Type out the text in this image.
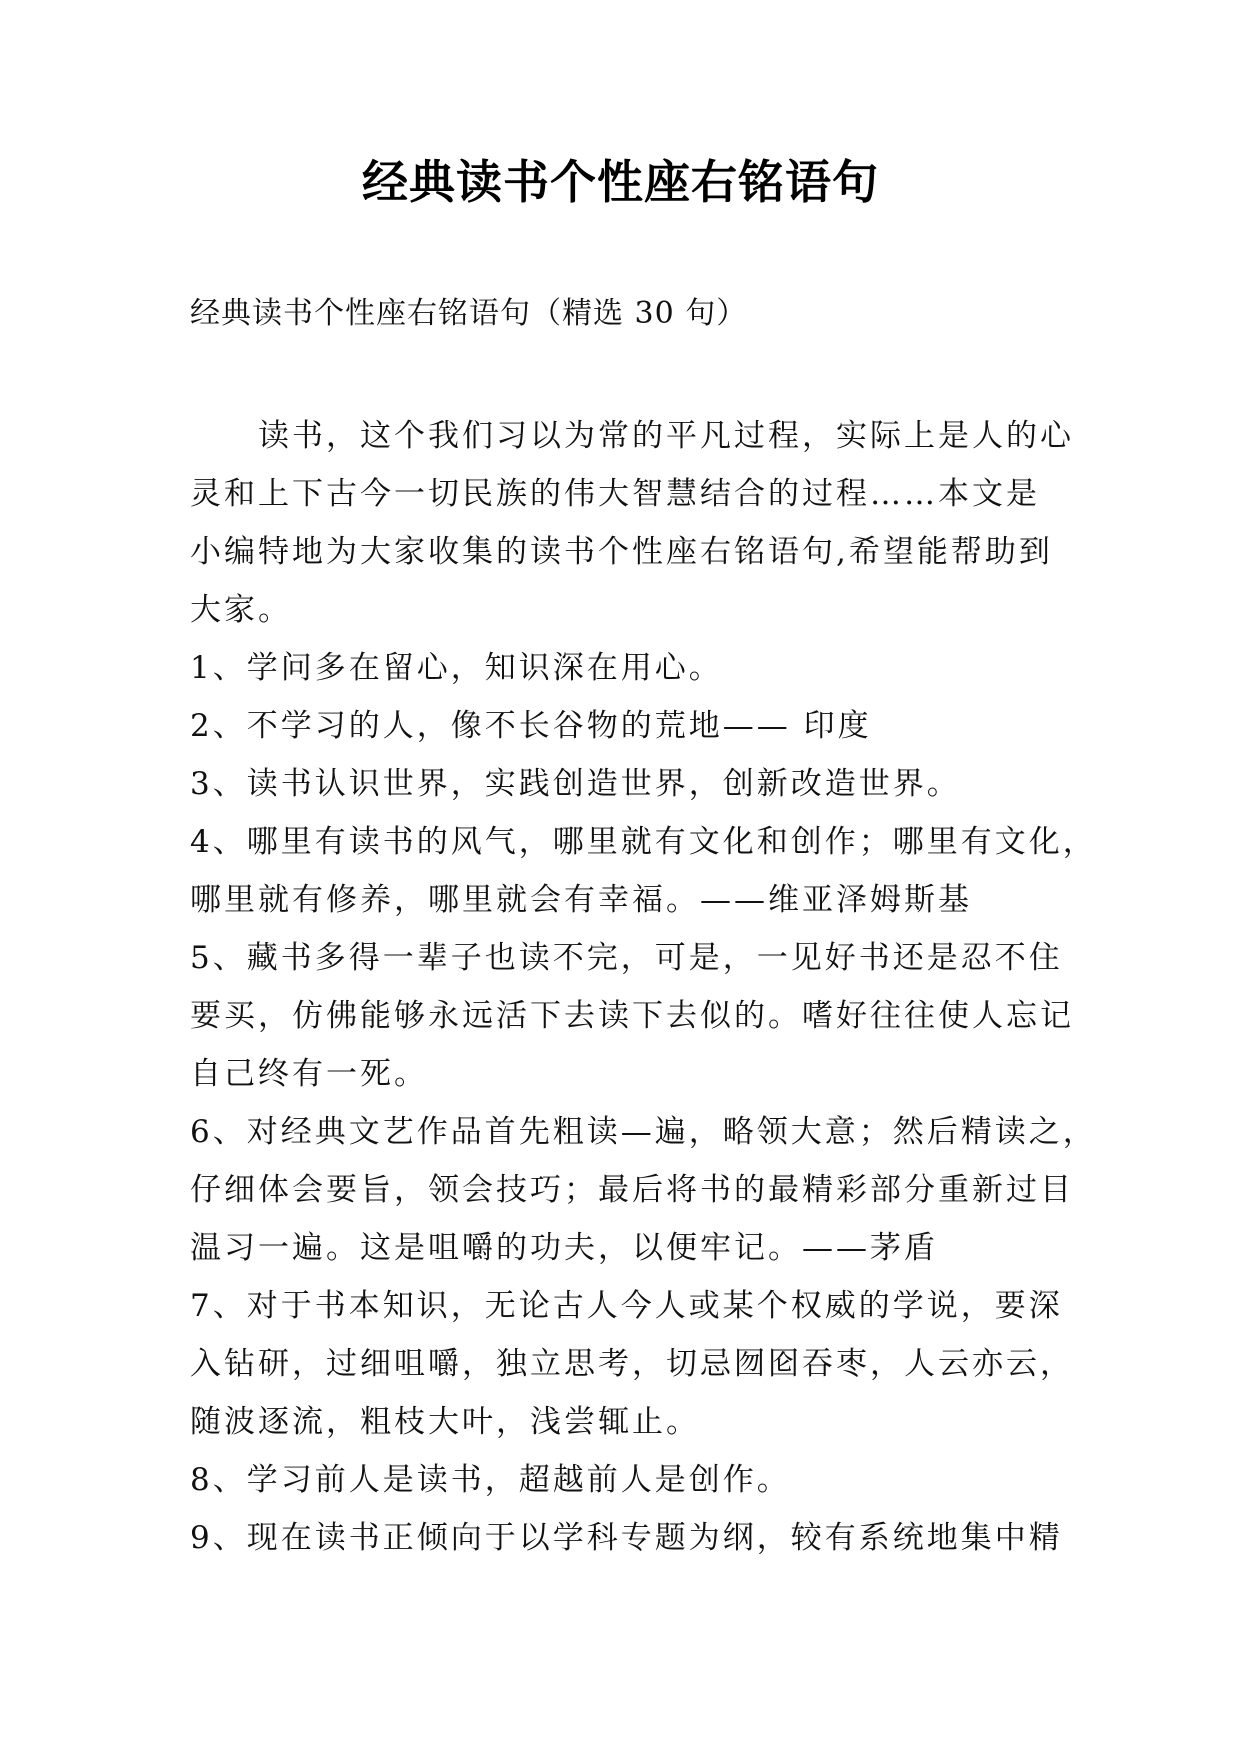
经典读书个性座右铭语句
经典读书个性座右铭语句（精选 30 句）
读书，这个我们习以为常的平凡过程，实际上是人的心
灵和上下古今一切民族的伟大智慧结合的过程……本文是
小编特地为大家收集的读书个性座右铭语句,希望能帮助到
大家。
1、学问多在留心，知识深在用心。
2、不学习的人，像不长谷物的荒地—— 印度
3、读书认识世界，实践创造世界，创新改造世界。
4、哪里有读书的风气，哪里就有文化和创作；哪里有文化，
哪里就有修养，哪里就会有幸福。——维亚泽姆斯基
5、藏书多得一辈子也读不完，可是，一见好书还是忍不住
要买，仿佛能够永远活下去读下去似的。嗜好往往使人忘记
自己终有一死。
6、对经典文艺作品首先粗读—遍，略领大意；然后精读之，
仔细体会要旨，领会技巧；最后将书的最精彩部分重新过目
温习一遍。这是咀嚼的功夫，以便牢记。——茅盾
7、对于书本知识，无论古人今人或某个权威的学说，要深
入钻研，过细咀嚼，独立思考，切忌囫囵吞枣，人云亦云，
随波逐流，粗枝大叶，浅尝辄止。
8、学习前人是读书，超越前人是创作。
9、现在读书正倾向于以学科专题为纲，较有系统地集中精
